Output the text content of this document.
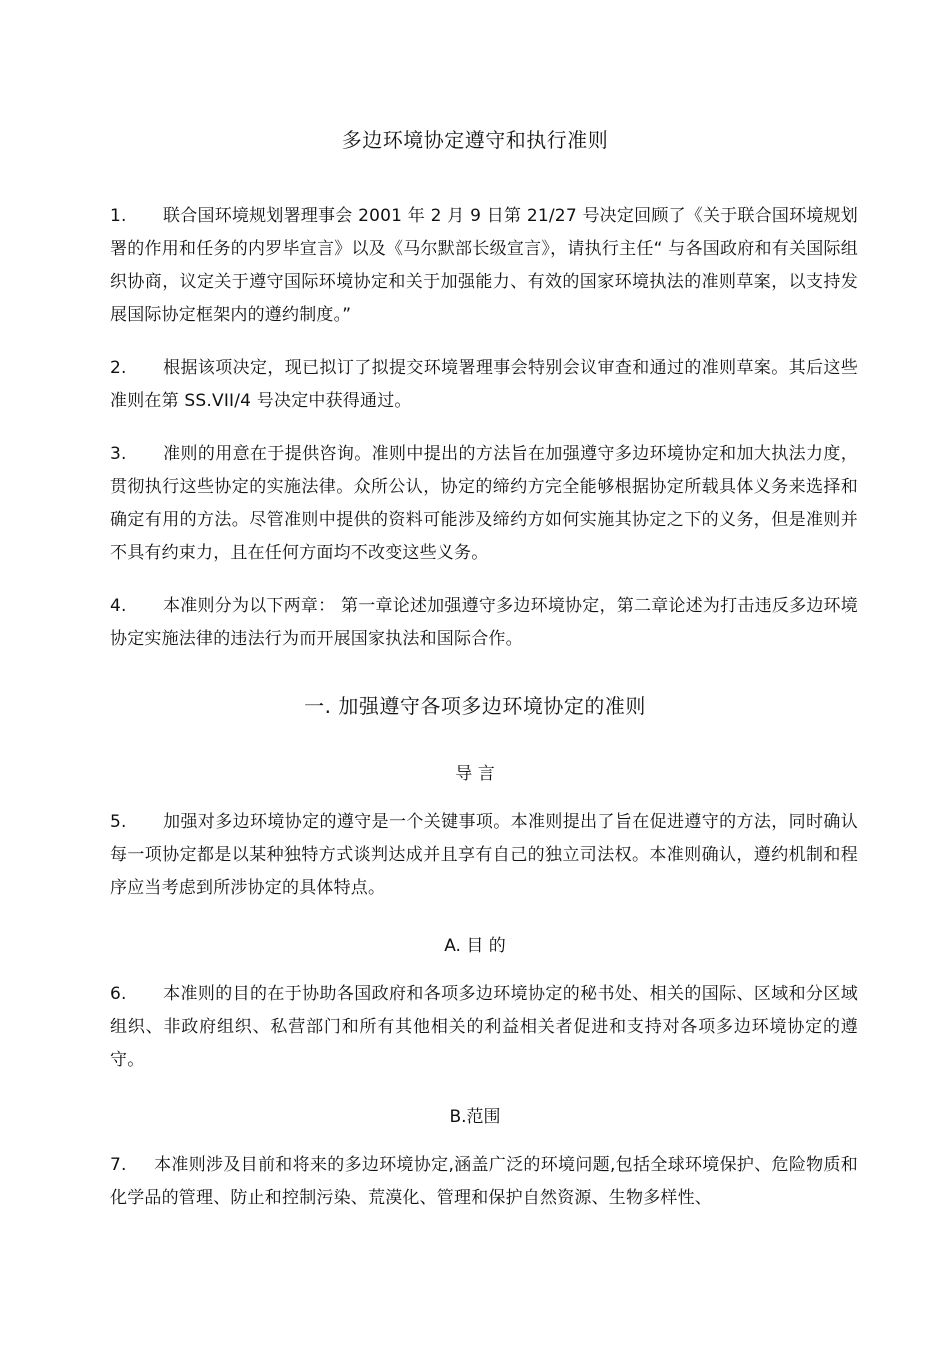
多边环境协定遵守和执行准则
1. 联合国环境规划署理事会 2001 年 2 月 9 日第 21/27 号决定回顾了《关于联合国环境规划署的作用和任务的内罗毕宣言》以及《马尔默部长级宣言》，请执行主任“ 与各国政府和有关国际组织协商，议定关于遵守国际环境协定和关于加强能力、有效的国家环境执法的准则草案，以支持发展国际协定框架内的遵约制度。”
2. 根据该项决定，现已拟订了拟提交环境署理事会特别会议审查和通过的准则草案。其后这些准则在第 SS.VII/4 号决定中获得通过。
3. 准则的用意在于提供咨询。准则中提出的方法旨在加强遵守多边环境协定和加大执法力度，贯彻执行这些协定的实施法律。众所公认，协定的缔约方完全能够根据协定所载具体义务来选择和确定有用的方法。尽管准则中提供的资料可能涉及缔约方如何实施其协定之下的义务，但是准则并不具有约束力，且在任何方面均不改变这些义务。
4. 本准则分为以下两章： 第一章论述加强遵守多边环境协定，第二章论述为打击违反多边环境协定实施法律的违法行为而开展国家执法和国际合作。
一. 加强遵守各项多边环境协定的准则
导 言
5. 加强对多边环境协定的遵守是一个关键事项。本准则提出了旨在促进遵守的方法，同时确认每一项协定都是以某种独特方式谈判达成并且享有自己的独立司法权。本准则确认，遵约机制和程序应当考虑到所涉协定的具体特点。
A. 目 的
6. 本准则的目的在于协助各国政府和各项多边环境协定的秘书处、相关的国际、区域和分区域组织、非政府组织、私营部门和所有其他相关的利益相关者促进和支持对各项多边环境协定的遵守。
B.范围
7. 本准则涉及目前和将来的多边环境协定,涵盖广泛的环境问题,包括全球环境保护、危险物质和化学品的管理、防止和控制污染、荒漠化、管理和保护自然资源、生物多样性、
